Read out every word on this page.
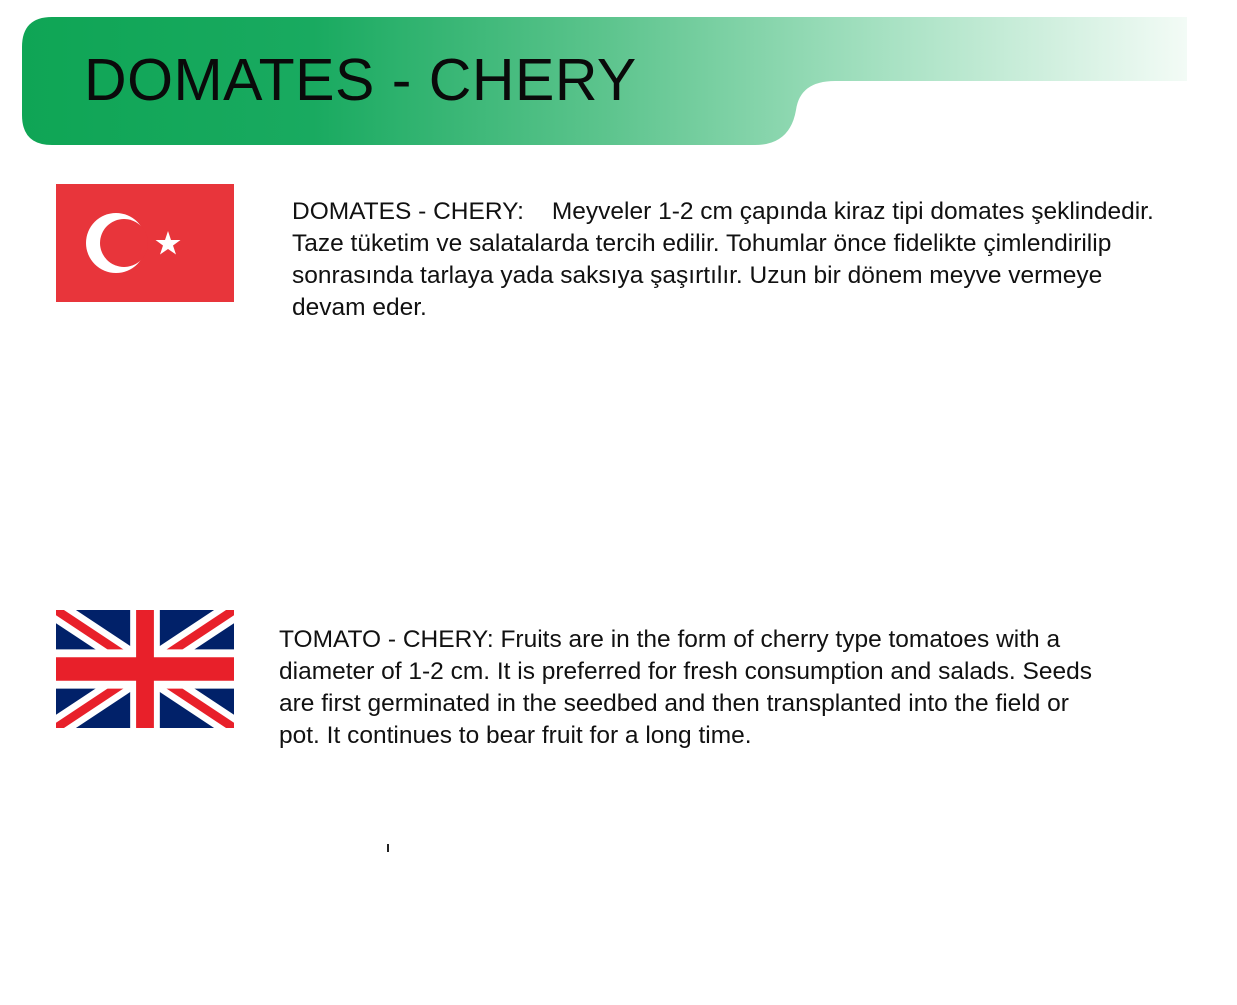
DOMATES - CHERY

DOMATES - CHERY: Meyveler 1-2 cm çapında kiraz tipi domates şeklindedir. Taze tüketim ve salatalarda tercih edilir. Tohumlar önce fidelikte çimlendirilip sonrasında tarlaya yada saksıya şaşırtılır. Uzun bir dönem meyve vermeye devam eder.

TOMATO - CHERY: Fruits are in the form of cherry type tomatoes with a diameter of 1-2 cm. It is preferred for fresh consumption and salads. Seeds are first germinated in the seedbed and then transplanted into the field or pot. It continues to bear fruit for a long time.
